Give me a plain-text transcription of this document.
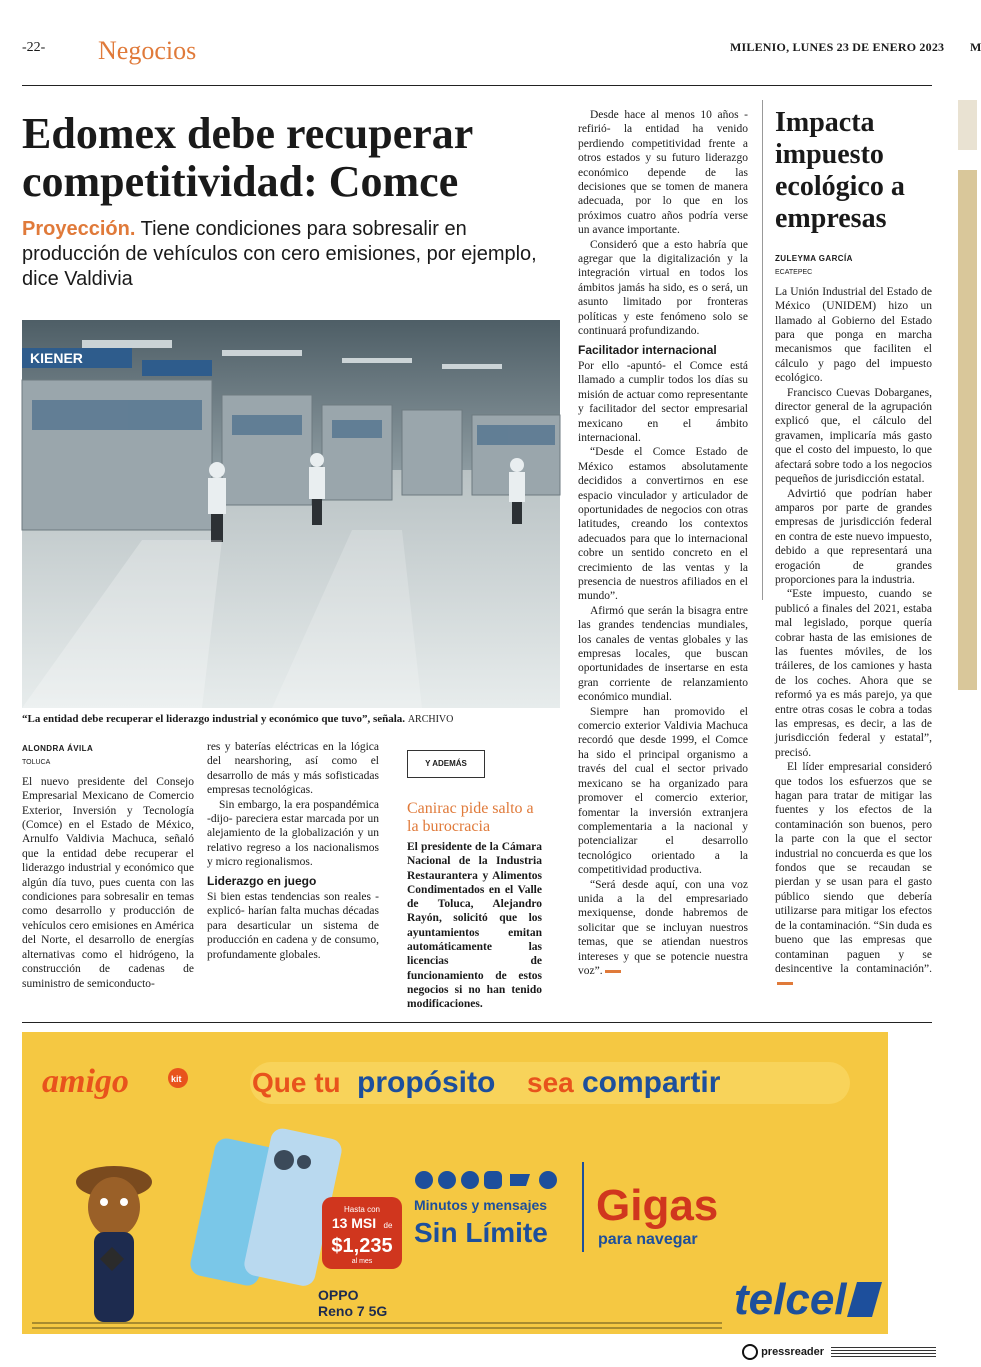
-22- Negocios	MILENIO, LUNES 23 DE ENERO 2023 M
Edomex debe recuperar competitividad: Comce
Proyección. Tiene condiciones para sobresalir en producción de vehículos con cero emisiones, por ejemplo, dice Valdivia
KIENER
“La entidad debe recuperar el liderazgo industrial y económico que tuvo”, señala. ARCHIVO
ALONDRA ÁVILA
TOLUCA

El nuevo presidente del Consejo Empresarial Mexicano de Comercio Exterior, Inversión y Tecnología (Comce) en el Estado de México, Arnulfo Valdivia Machuca, señaló que la entidad debe recuperar el liderazgo industrial y económico que algún día tuvo, pues cuenta con las condiciones para sobresalir en temas como desarrollo y producción de vehículos cero emisiones en América del Norte, el desarrollo de energías alternativas como el hidrógeno, la construcción de cadenas de suministro de semiconducto-

res y baterías eléctricas en la lógica del nearshoring, así como el desarrollo de más y más sofisticadas empresas tecnológicas.

Sin embargo, la era pospandémica -dijo- pareciera estar marcada por un alejamiento de la globalización y un relativo regreso a los nacionalismos y micro regionalismos.

Liderazgo en juego

Si bien estas tendencias son reales -explicó- harían falta muchas décadas para desarticular un sistema de producción en cadena y de consumo, profundamente globales.

Y ADEMÁS
Canirac pide salto a la burocracia

El presidente de la Cámara Nacional de la Industria Restaurantera y Alimentos Condimentados en el Valle de Toluca, Alejandro Rayón, solicitó que los ayuntamientos emitan automáticamente las licencias de funcionamiento de estos negocios si no han tenido modificaciones.

Desde hace al menos 10 años -refirió- la entidad ha venido perdiendo competitividad frente a otros estados y su futuro liderazgo económico depende de las decisiones que se tomen de manera adecuada, por lo que en los próximos cuatro años podría verse un avance importante.

Consideró que a esto habría que agregar que la digitalización y la integración virtual en todos los ámbitos jamás ha sido, es o será, un asunto limitado por fronteras políticas y este fenómeno solo se continuará profundizando.

Facilitador internacional

Por ello -apuntó- el Comce está llamado a cumplir todos los días su misión de actuar como representante y facilitador del sector empresarial mexicano en el ámbito internacional.

“Desde el Comce Estado de México estamos absolutamente decididos a convertirnos en ese espacio vinculador y articulador de oportunidades de negocios con otras latitudes, creando los contextos adecuados para que lo internacional cobre un sentido concreto en el crecimiento de las ventas y la presencia de nuestros afiliados en el mundo”.

Afirmó que serán la bisagra entre las grandes tendencias mundiales, los canales de ventas globales y las empresas locales, que buscan oportunidades de insertarse en esta gran corriente de relanzamiento económico mundial.

Siempre han promovido el comercio exterior Valdivia Machuca recordó que desde 1999, el Comce ha sido el principal organismo a través del cual el sector privado mexicano se ha organizado para promover el comercio exterior, fomentar la inversión extranjera complementaria a la nacional y potencializar el desarrollo tecnológico orientado a la competitividad productiva.

“Será desde aquí, con una voz unida a la del empresariado mexiquense, donde habremos de solicitar que se incluyan nuestros temas, que se atiendan nuestros intereses y que se potencie nuestra voz”.

Impacta impuesto ecológico a empresas
ZULEYMA GARCÍA
ECATEPEC

La Unión Industrial del Estado de México (UNIDEM) hizo un llamado al Gobierno del Estado para que ponga en marcha mecanismos que faciliten el cálculo y pago del impuesto ecológico.

Francisco Cuevas Dobarganes, director general de la agrupación explicó que, el cálculo del gravamen, implicaría más gasto que el costo del impuesto, lo que afectará sobre todo a los negocios pequeños de jurisdicción estatal.

Advirtió que podrían haber amparos por parte de grandes empresas de jurisdicción federal en contra de este nuevo impuesto, debido a que representará una erogación de grandes proporciones para la industria.

“Este impuesto, cuando se publicó a finales del 2021, estaba mal legislado, porque quería cobrar hasta de las emisiones de las fuentes móviles, de los tráileres, de los camiones y hasta de los coches. Ahora que se reformó ya es más parejo, ya que entre otras cosas le cobra a todas las empresas, es decir, a las de jurisdicción federal y estatal”, precisó.

El líder empresarial consideró que todos los esfuerzos que se hagan para tratar de mitigar las fuentes y los efectos de la contaminación son buenos, pero la parte con la que el sector industrial no concuerda es que los fondos que se recaudan se pierdan y se usan para el gasto público siendo que debería utilizarse para mitigar los efectos de la contaminación. “Sin duda es bueno que las empresas que contaminan paguen y se desincentive la contaminación”.

amigo	kit	Que tu propósito sea compartir
Hasta con
13 MSI de
$1,235
al mes
OPPO
Reno 7 5G
Minutos y mensajes
Sin Límite
Gigas
para navegar
telcel
pressreader
